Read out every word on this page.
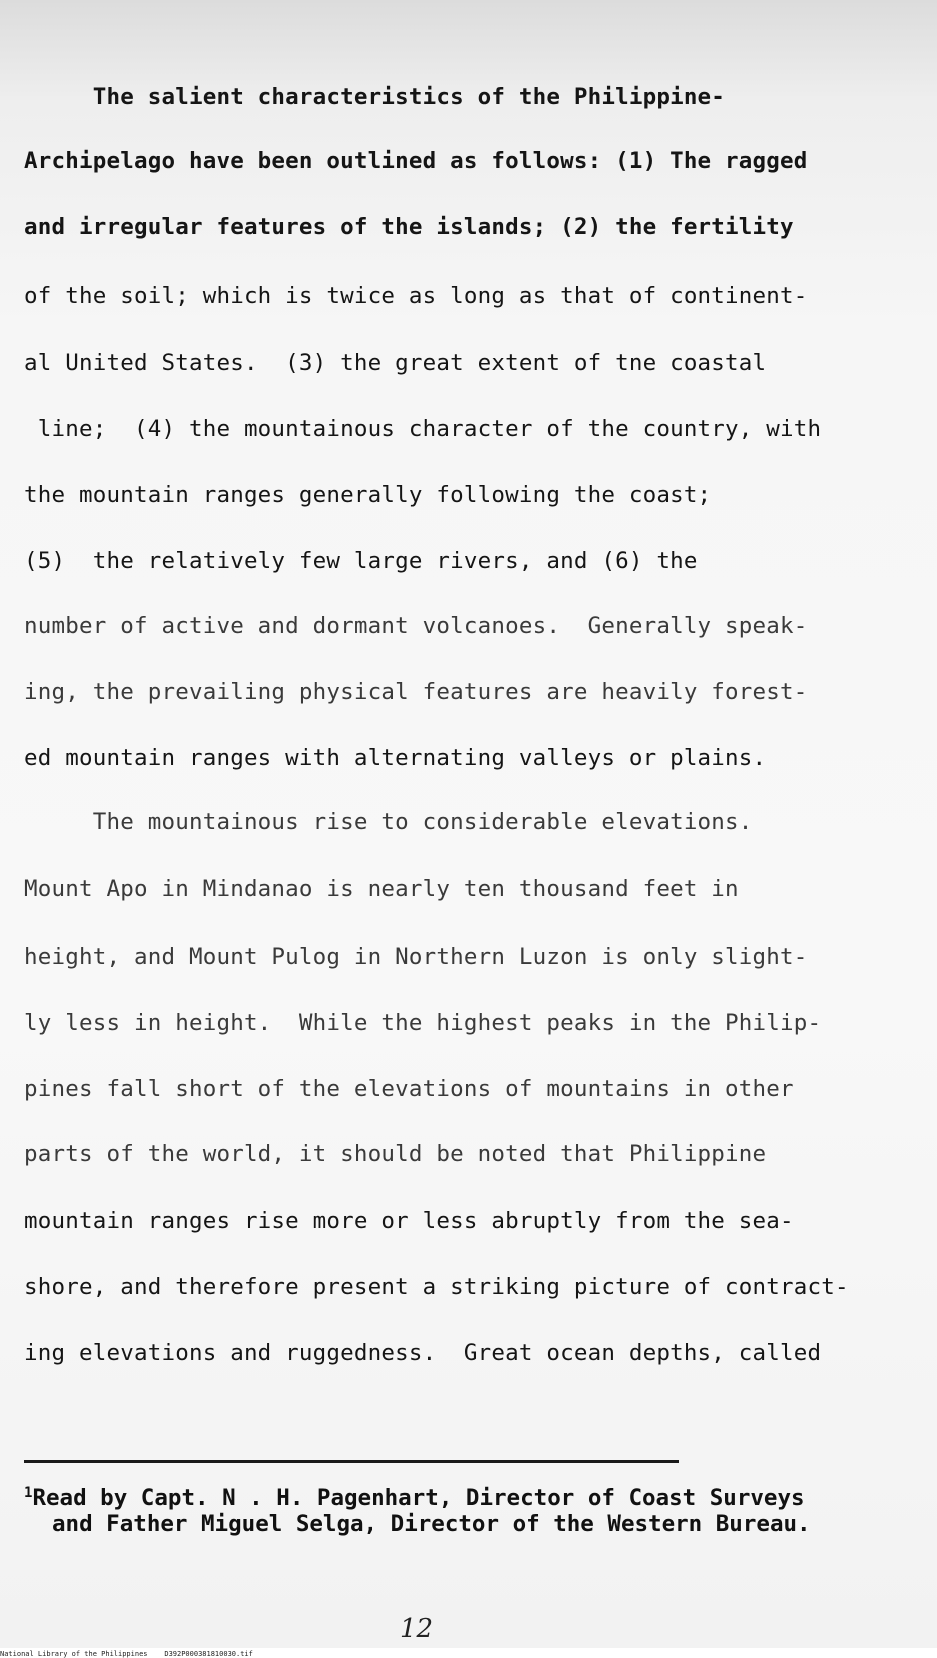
The salient characteristics of the Philippine-
Archipelago have been outlined as follows: (1) The ragged
and irregular features of the islands; (2) the fertility
of the soil; which is twice as long as that of continent-
al United States.  (3) the great extent of tne coastal
line;  (4) the mountainous character of the country, with
the mountain ranges generally following the coast;
(5)  the relatively few large rivers, and (6) the
number of active and dormant volcanoes.  Generally speak-
ing, the prevailing physical features are heavily forest-
ed mountain ranges with alternating valleys or plains.
The mountainous rise to considerable elevations.
Mount Apo in Mindanao is nearly ten thousand feet in
height, and Mount Pulog in Northern Luzon is only slight-
ly less in height.  While the highest peaks in the Philip-
pines fall short of the elevations of mountains in other
parts of the world, it should be noted that Philippine
mountain ranges rise more or less abruptly from the sea-
shore, and therefore present a striking picture of contract-
ing elevations and ruggedness.  Great ocean depths, called
$^1$Read by Capt. N . H. Pagenhart, Director of Coast Surveys
and Father Miguel Selga, Director of the Western Bureau.
12
National Library of the Philippines    D392P000381810030.tif
